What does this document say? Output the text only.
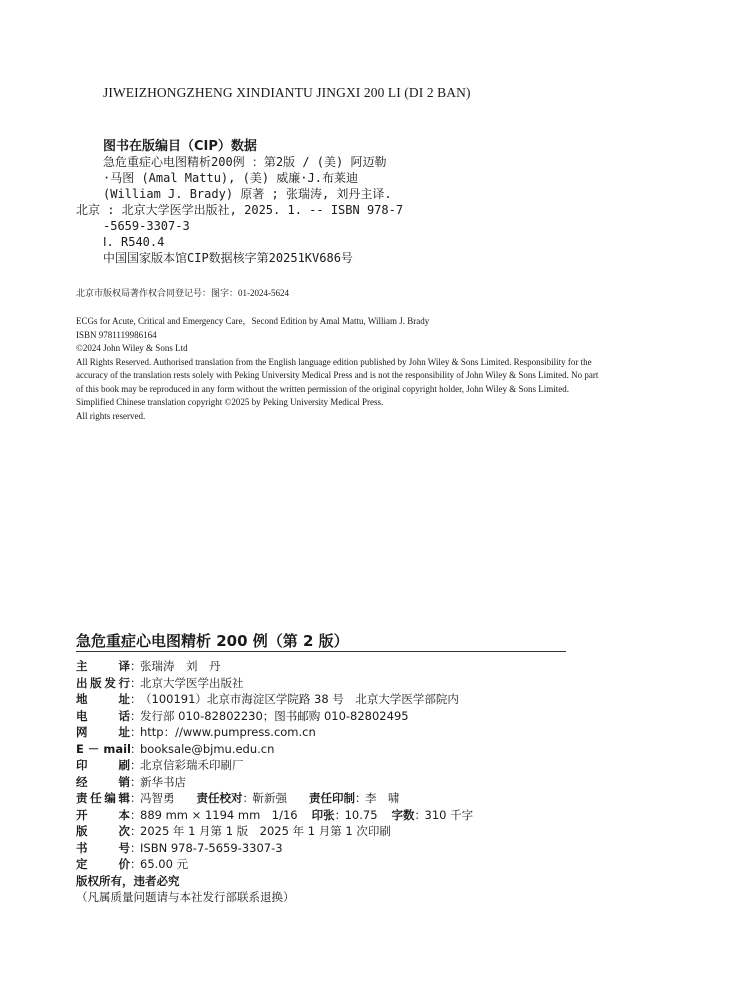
JIWEIZHONGZHENG XINDIANTU JINGXI 200 LI (DI 2 BAN)
图书在版编目（CIP）数据
急危重症心电图精析200例 ：第2版 / (美) 阿迈勒
·马图 (Amal Mattu), (美) 威廉·J.布莱迪
(William J. Brady) 原著 ; 张瑞涛, 刘丹主译.
北京 : 北京大学医学出版社, 2025. 1. -- ISBN 978-7
-5659-3307-3
Ⅰ. R540.4
中国国家版本馆CIP数据核字第20251KV686号
北京市版权局著作权合同登记号：图字：01-2024-5624
ECGs for Acute, Critical and Emergency Care，Second Edition by Amal Mattu, William J. Brady
ISBN 9781119986164
©2024 John Wiley & Sons Ltd
All Rights Reserved. Authorised translation from the English language edition published by John Wiley & Sons Limited. Responsibility for the
accuracy of the translation rests solely with Peking University Medical Press and is not the responsibility of John Wiley & Sons Limited. No part
of this book may be reproduced in any form without the written permission of the original copyright holder, John Wiley & Sons Limited.
Simplified Chinese translation copyright ©2025 by Peking University Medical Press.
All rights reserved.
急危重症心电图精析 200 例（第 2 版）
主　　译 ：
张瑞涛　刘　丹
出版发行 ：
北京大学医学出版社
地　　址 ：
（100191）北京市海淀区学院路 38 号　北京大学医学部院内
电　　话 ：
发行部 010-82802230；图书邮购 010-82802495
网　　址 ：
http：//www.pumpress.com.cn
E － mail ：
booksale@bjmu.edu.cn
印　　刷 ：
北京信彩瑞禾印刷厂
经　　销 ：
新华书店
责任编辑 ：
冯智勇 责任校对 ：
靳新强 责任印制 ：
李　啸
开　　本 ：
889 mm × 1194 mm　1/16 印张 ：
10.75 字数 ：
310 千字
版　　次 ：
2025 年 1 月第 1 版　2025 年 1 月第 1 次印刷
书　　号 ：
ISBN 978-7-5659-3307-3
定　　价 ：
65.00 元
版权所有，违者必究
（凡属质量问题请与本社发行部联系退换）
